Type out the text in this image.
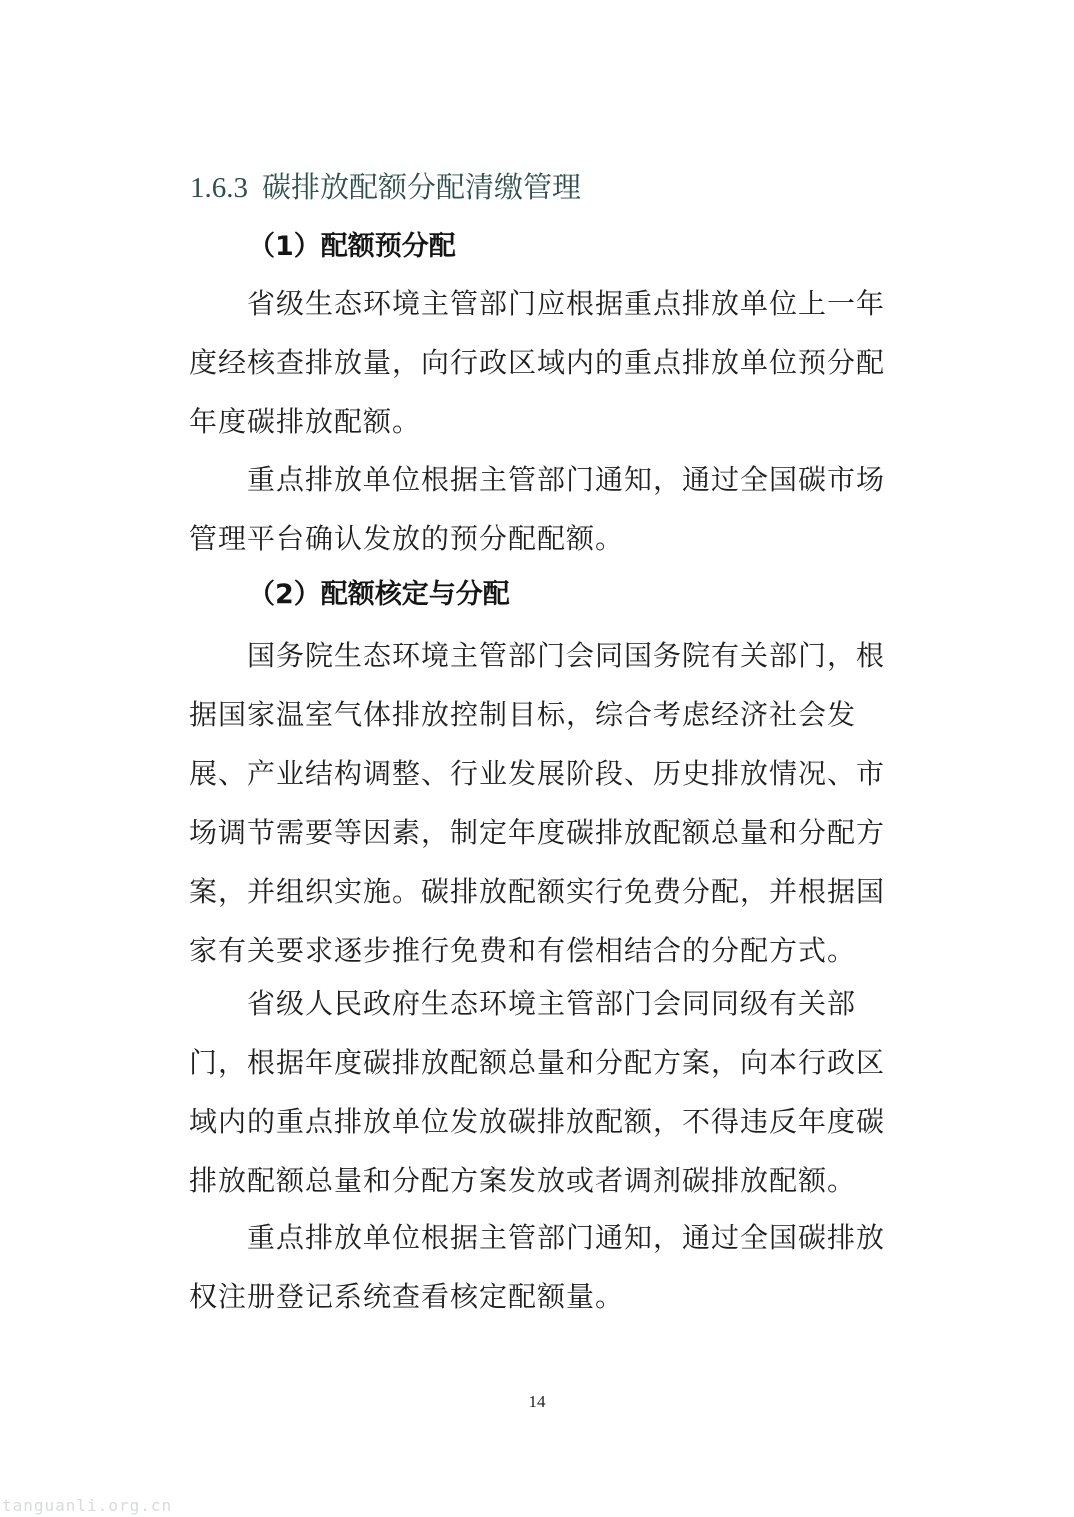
1.6.3 碳排放配额分配清缴管理
（1）配额预分配
省级生态环境主管部门应根据重点排放单位上一年度经核查排放量，向行政区域内的重点排放单位预分配年度碳排放配额。
重点排放单位根据主管部门通知，通过全国碳市场管理平台确认发放的预分配配额。
（2）配额核定与分配
国务院生态环境主管部门会同国务院有关部门，根据国家温室气体排放控制目标，综合考虑经济社会发展、产业结构调整、行业发展阶段、历史排放情况、市场调节需要等因素，制定年度碳排放配额总量和分配方案，并组织实施。碳排放配额实行免费分配，并根据国家有关要求逐步推行免费和有偿相结合的分配方式。
省级人民政府生态环境主管部门会同同级有关部门，根据年度碳排放配额总量和分配方案，向本行政区域内的重点排放单位发放碳排放配额，不得违反年度碳排放配额总量和分配方案发放或者调剂碳排放配额。
重点排放单位根据主管部门通知，通过全国碳排放权注册登记系统查看核定配额量。
14
tanguanli.org.cn
